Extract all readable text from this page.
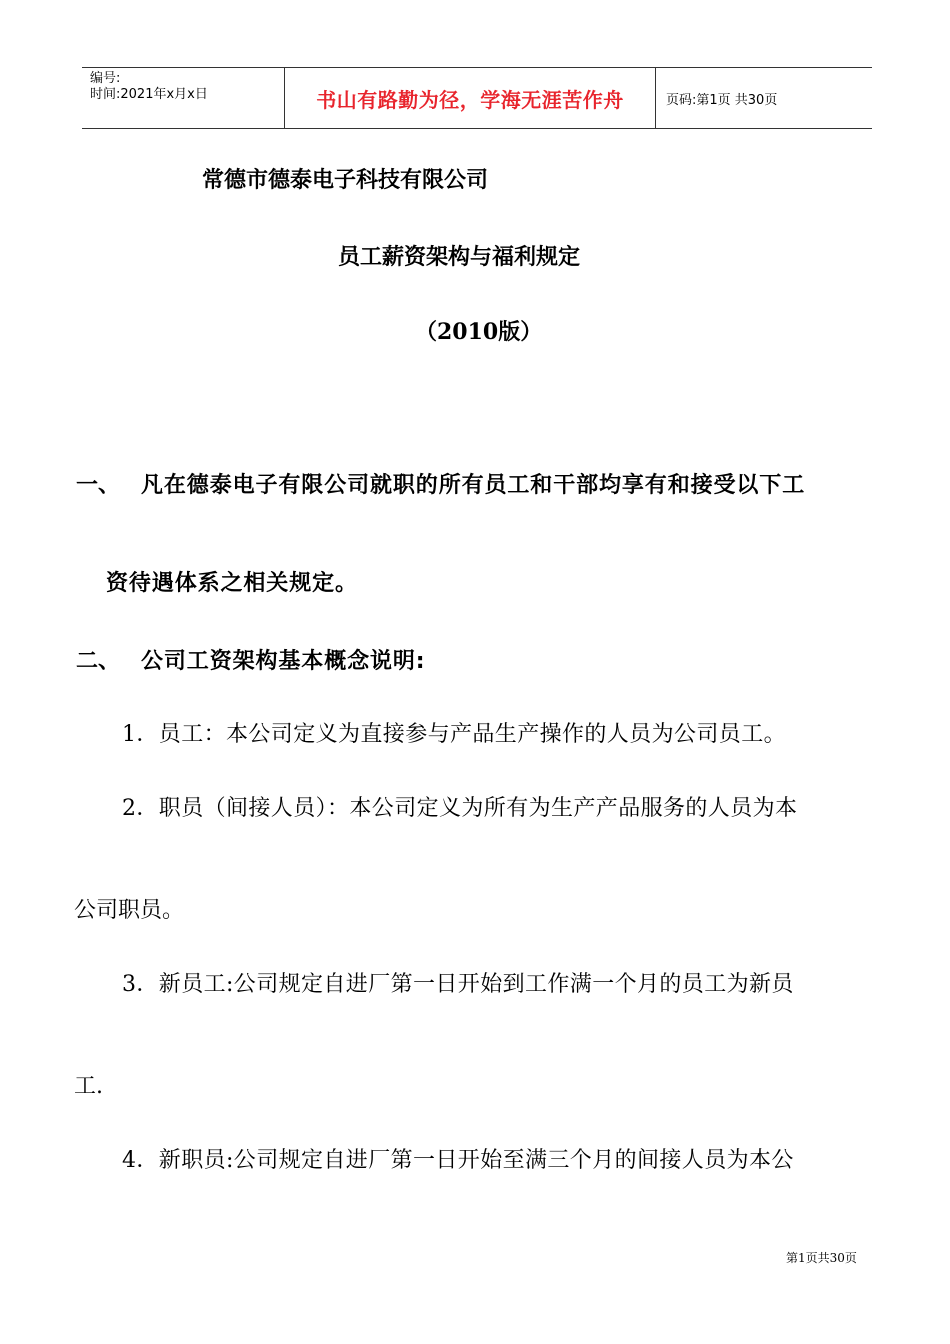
编号:
时间:2021年x月x日	书山有路勤为径，学海无涯苦作舟	页码:第1页 共30页
常德市德泰电子科技有限公司
员工薪资架构与福利规定
（2010版）
一、 凡在德泰电子有限公司就职的所有员工和干部均享有和接受以下工
资待遇体系之相关规定。
二、 公司工资架构基本概念说明:
1．员工：本公司定义为直接参与产品生产操作的人员为公司员工。
2．职员（间接人员）：本公司定义为所有为生产产品服务的人员为本
公司职员。
3．新员工:公司规定自进厂第一日开始到工作满一个月的员工为新员
工.
4．新职员:公司规定自进厂第一日开始至满三个月的间接人员为本公
第1页共30页
